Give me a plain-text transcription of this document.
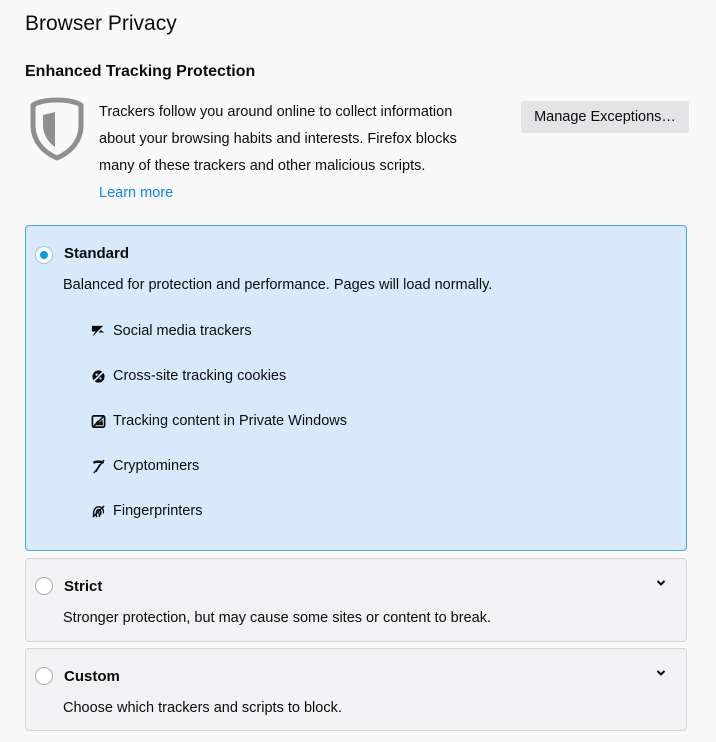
Browser Privacy
Enhanced Tracking Protection
Trackers follow you around online to collect information
about your browsing habits and interests. Firefox blocks
many of these trackers and other malicious scripts.
Learn more
Manage Exceptions…
Standard
Balanced for protection and performance. Pages will load normally.
Social media trackers
Cross-site tracking cookies
Tracking content in Private Windows
Cryptominers
Fingerprinters
Strict
Stronger protection, but may cause some sites or content to break.
Custom
Choose which trackers and scripts to block.
